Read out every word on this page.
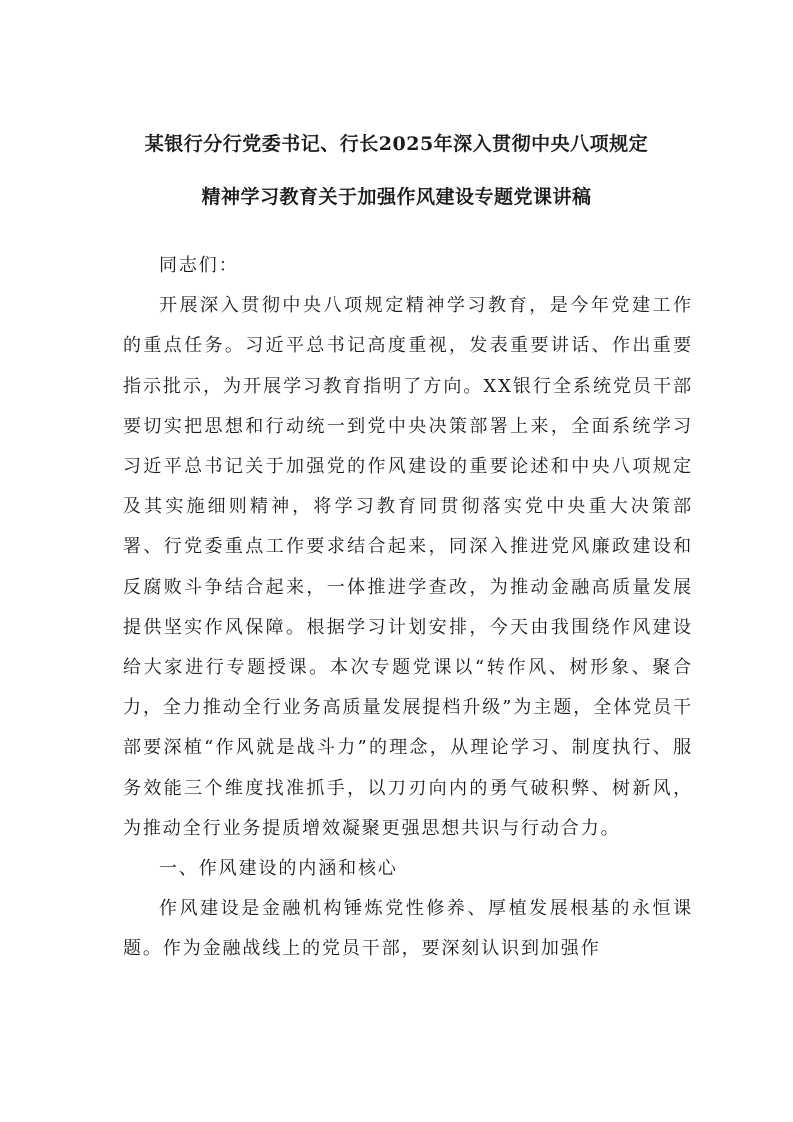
某银行分行党委书记、行长2025年深入贯彻中央八项规定
精神学习教育关于加强作风建设专题党课讲稿

同志们：

开展深入贯彻中央八项规定精神学习教育，是今年党建工作的重点任务。习近平总书记高度重视，发表重要讲话、作出重要指示批示，为开展学习教育指明了方向。XX银行全系统党员干部要切实把思想和行动统一到党中央决策部署上来，全面系统学习习近平总书记关于加强党的作风建设的重要论述和中央八项规定及其实施细则精神，将学习教育同贯彻落实党中央重大决策部署、行党委重点工作要求结合起来，同深入推进党风廉政建设和反腐败斗争结合起来，一体推进学查改，为推动金融高质量发展提供坚实作风保障。根据学习计划安排，今天由我围绕作风建设给大家进行专题授课。本次专题党课以“转作风、树形象、聚合力，全力推动全行业务高质量发展提档升级”为主题，全体党员干部要深植“作风就是战斗力”的理念，从理论学习、制度执行、服务效能三个维度找准抓手，以刀刃向内的勇气破积弊、树新风，为推动全行业务提质增效凝聚更强思想共识与行动合力。

一、作风建设的内涵和核心

作风建设是金融机构锤炼党性修养、厚植发展根基的永恒课题。作为金融战线上的党员干部，要深刻认识到加强作
